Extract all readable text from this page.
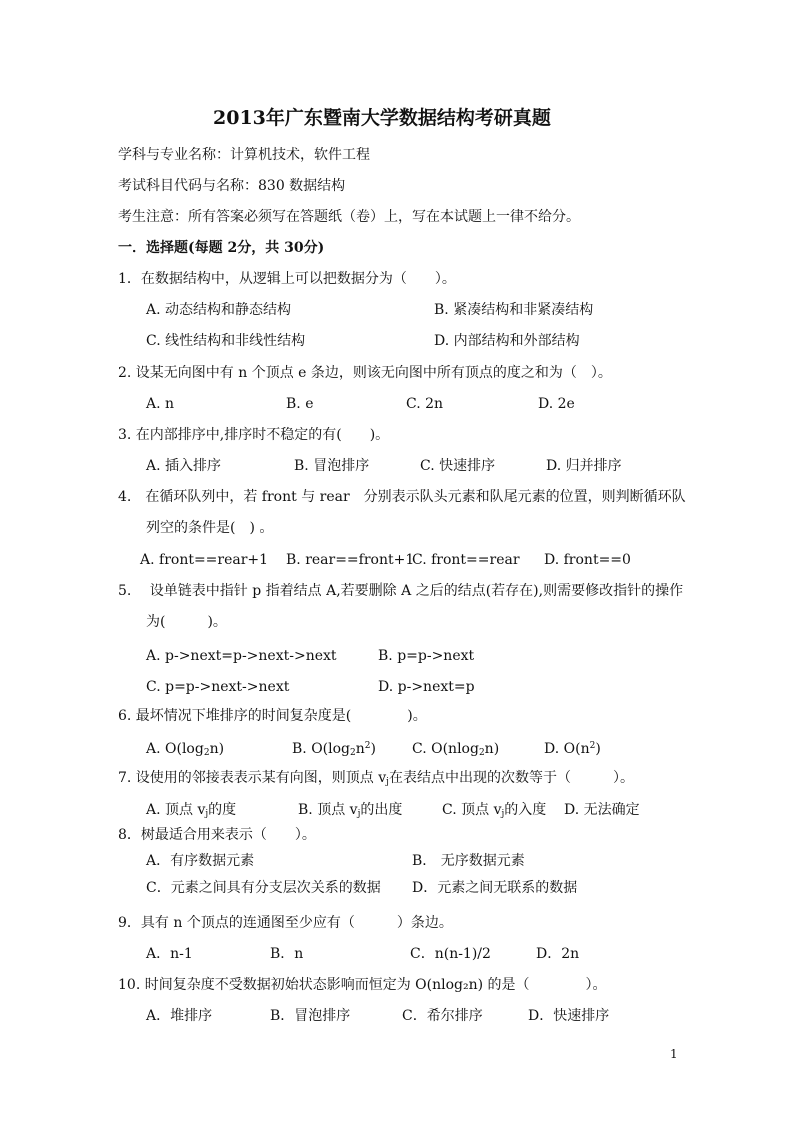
2013年广东暨南大学数据结构考研真题
学科与专业名称：计算机技术，软件工程
考试科目代码与名称：830 数据结构
考生注意：所有答案必须写在答题纸（卷）上，写在本试题上一律不给分。
一．选择题(每题 2分，共 30分)
1．在数据结构中，从逻辑上可以把数据分为（　　）。
A. 动态结构和静态结构	B. 紧凑结构和非紧凑结构
C. 线性结构和非线性结构	D. 内部结构和外部结构
2. 设某无向图中有 n 个顶点 e 条边，则该无向图中所有顶点的度之和为（　）。
A. n	B. e	C. 2n	D. 2e
3. 在内部排序中,排序时不稳定的有(　　)。
A. 插入排序	B. 冒泡排序	C. 快速排序	D. 归并排序
4.　在循环队列中，若 front 与 rear　分别表示队头元素和队尾元素的位置，则判断循环队
列空的条件是(　) 。
A. front==rear+1 B. rear==front+1
C. front==rear D. front==0
5.　 设单链表中指针 p 指着结点 A,若要删除 A 之后的结点(若存在),则需要修改指针的操作
为(　　　)。
A. p->next=p->next->next	B. p=p->next
C. p=p->next->next	D. p->next=p
6. 最坏情况下堆排序的时间复杂度是(　　　　)。
A. $O(\log_2n)$	B. $O(\log_2n^2)$	C. O(nlog$_2$n)	D. $O(n^2)$
7. 设使用的邻接表表示某有向图，则顶点 $v_j$在表结点中出现的次数等于（　　　）。
A. 顶点 $v_j$的度	B. 顶点 $v_j$的出度	C. 顶点 $v_j$的入度 D. 无法确定
8．树最适合用来表示（　　）。
A．有序数据元素	B． 无序数据元素
C．元素之间具有分支层次关系的数据 D．元素之间无联系的数据
9．具有 n 个顶点的连通图至少应有（　　　）条边。
A．n-1	B．n	C．n(n-1)/2	D．2n
10. 时间复杂度不受数据初始状态影响而恒定为 O(nlog₂n) 的是（　　　　）。
A．堆排序	B．冒泡排序	C．希尔排序	D．快速排序
1
